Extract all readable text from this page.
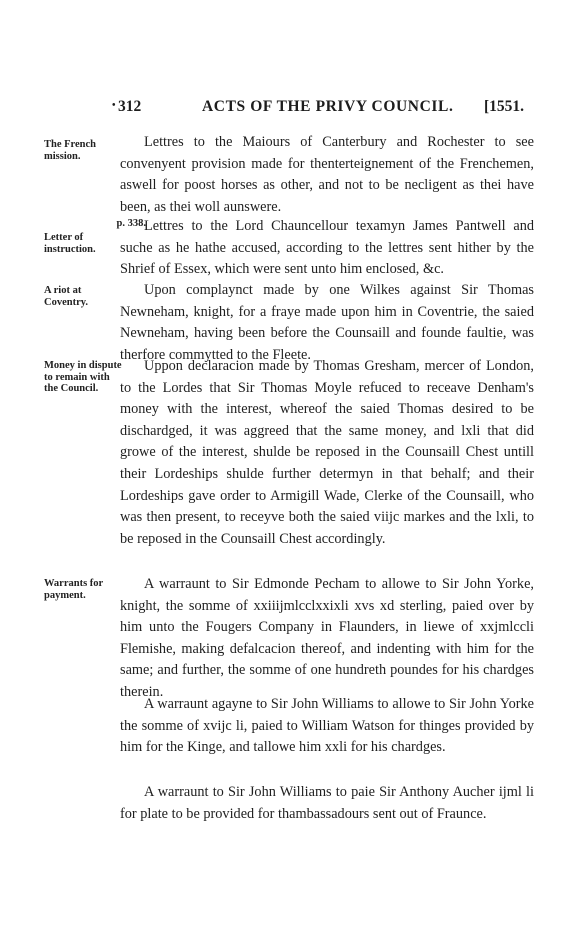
• 312	ACTS OF THE PRIVY COUNCIL. [1551.
The French mission.
p. 338.
Letter of instruction.
A riot at Coventry.
Money in dispute to remain with the Council.
Warrants for payment.
Lettres to the Maiours of Canterbury and Rochester to see convenyent provision made for thenterteignement of the Frenchemen, aswell for poost horses as other, and not to be necligent as thei have been, as thei woll aunswere.
Lettres to the Lord Chauncellour texamyn James Pantwell and suche as he hathe accused, according to the lettres sent hither by the Shrief of Essex, which were sent unto him enclosed, &c.
Upon complaynct made by one Wilkes against Sir Thomas Newneham, knight, for a fraye made upon him in Coventrie, the saied Newneham, having been before the Counsaill and founde faultie, was therfore commytted to the Fleete.
Uppon declaracion made by Thomas Gresham, mercer of London, to the Lordes that Sir Thomas Moyle refuced to receave Denham's money with the interest, whereof the saied Thomas desired to be dischardged, it was aggreed that the same money, and lxli that did growe of the interest, shulde be reposed in the Counsaill Chest untill their Lordeships shulde further determyn in that behalf; and their Lordeships gave order to Armigill Wade, Clerke of the Counsaill, who was then present, to receyve both the saied viijc markes and the lxli, to be reposed in the Counsaill Chest accordingly.
A warraunt to Sir Edmonde Pecham to allowe to Sir John Yorke, knight, the somme of xxiiijmlcclxxixli xvs xd sterling, paied over by him unto the Fougers Company in Flaunders, in liewe of xxjmlccli Flemishe, making defalcacion thereof, and indenting with him for the same; and further, the somme of one hundreth poundes for his chardges therein.
A warraunt agayne to Sir John Williams to allowe to Sir John Yorke the somme of xvijc li, paied to William Watson for thinges provided by him for the Kinge, and tallowe him xxli for his chardges.
A warraunt to Sir John Williams to paie Sir Anthony Aucher ijml li for plate to be provided for thambassadours sent out of Fraunce.
